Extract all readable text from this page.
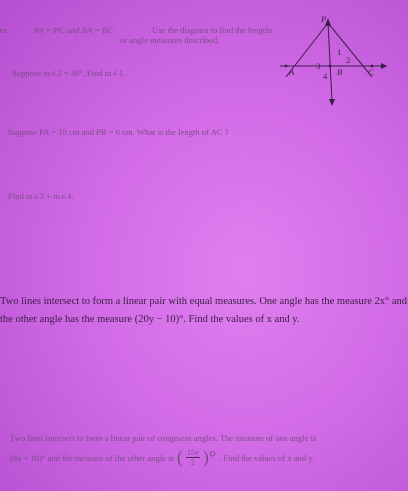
es	PA = PC and BA = BC	Use the diagram to find the lengths
or angle measures described.
P
1
2
A
3
4 B	C
Suppose m∠2 = 38°. Find m∠1.
Suppose PA = 10 cm and PB = 6 cm. What is the length of AC ?
Find m∠3 + m∠4.
Two lines intersect to form a linear pair with equal measures. One angle has the measure 2x° and
the other angle has the measure (20y − 10)°. Find the values of x and y.
Two lines intersect to form a linear pair of congruent angles. The measure of one angle is
(8x + 10)° and the measure of the other angle is ( $\frac{15y}{2}$ )° . Find the values of x and y.
